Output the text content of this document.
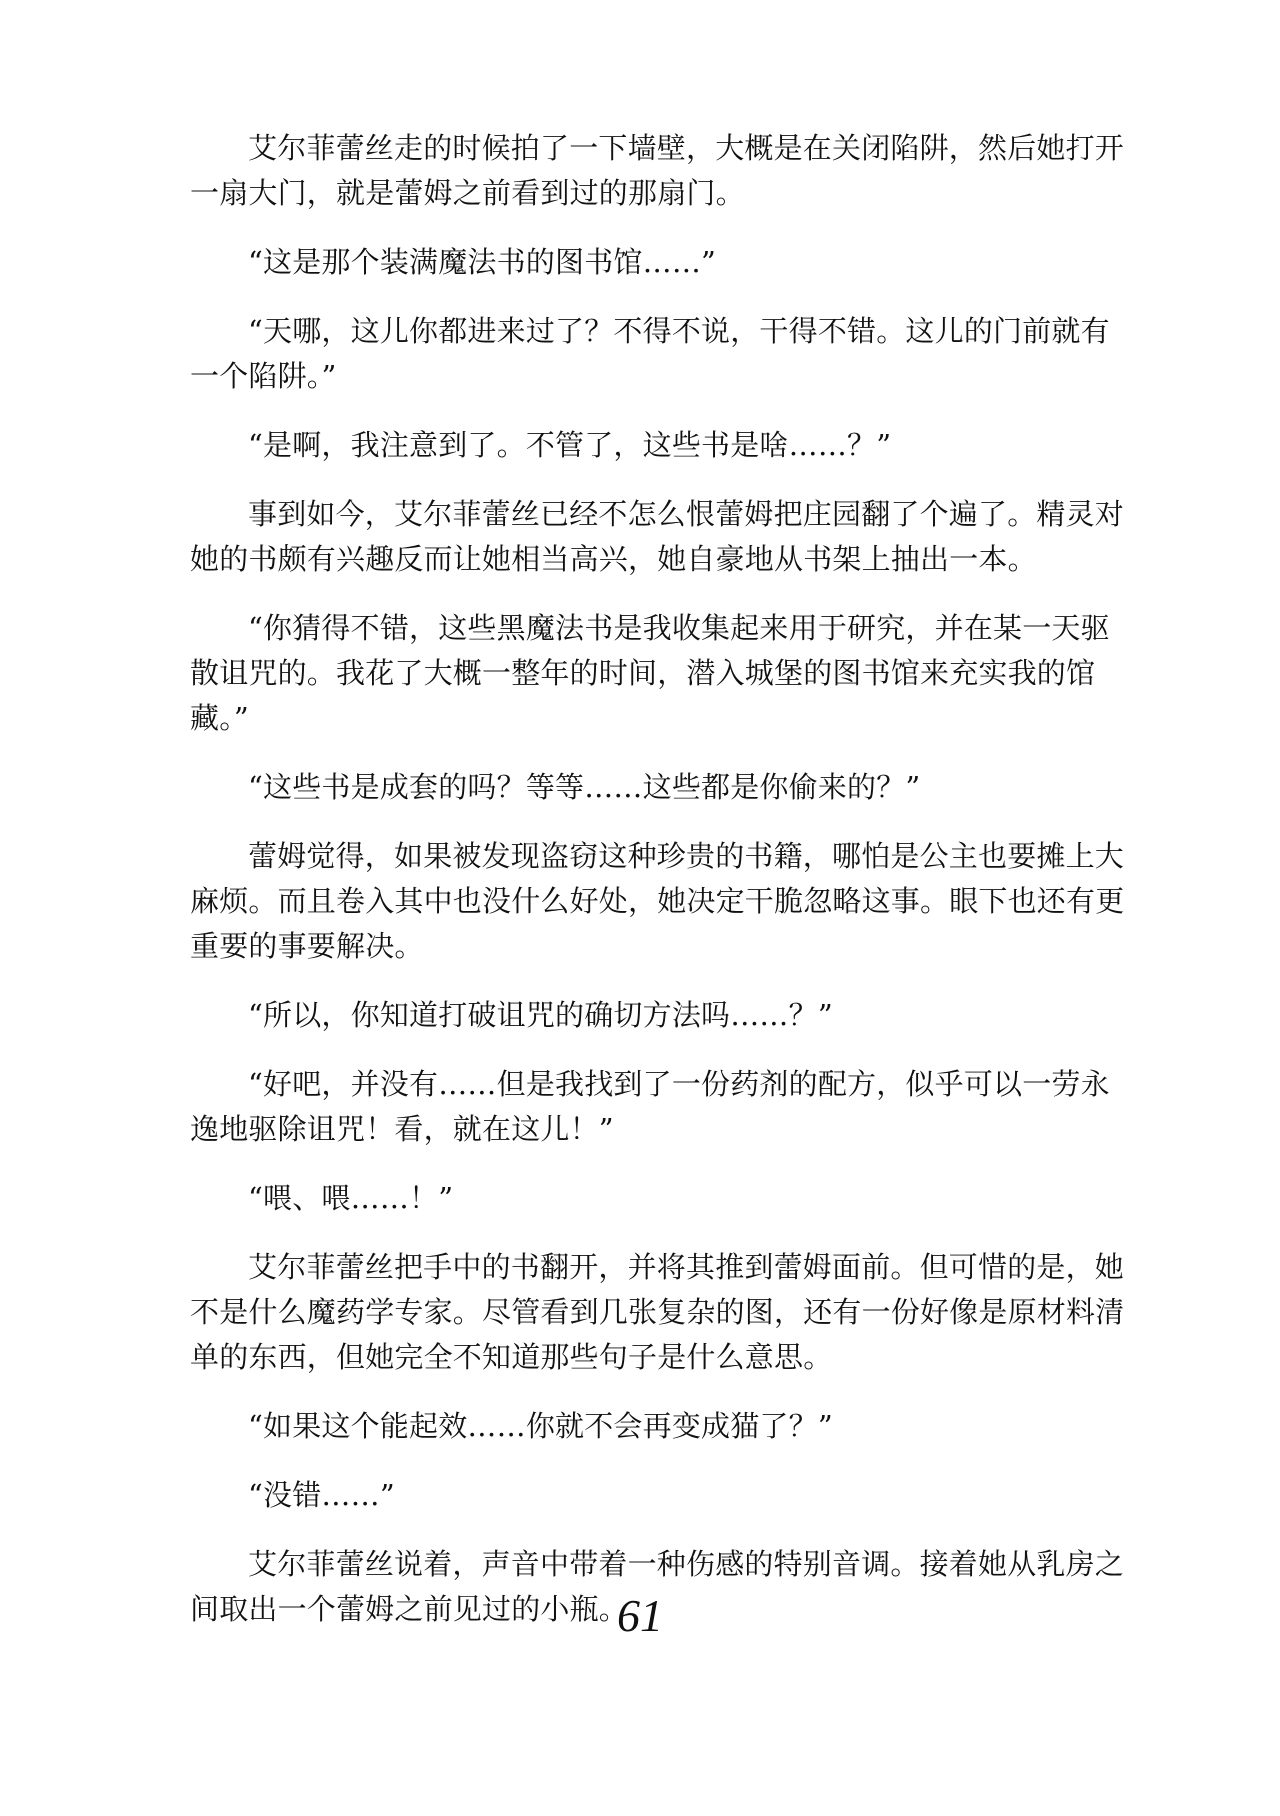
艾尔菲蕾丝走的时候拍了一下墙壁，大概是在关闭陷阱，然后她打开一扇大门，就是蕾姆之前看到过的那扇门。

“这是那个装满魔法书的图书馆……”

“天哪，这儿你都进来过了？不得不说，干得不错。这儿的门前就有一个陷阱。”

“是啊，我注意到了。不管了，这些书是啥……？”

事到如今，艾尔菲蕾丝已经不怎么恨蕾姆把庄园翻了个遍了。精灵对她的书颇有兴趣反而让她相当高兴，她自豪地从书架上抽出一本。

“你猜得不错，这些黑魔法书是我收集起来用于研究，并在某一天驱散诅咒的。我花了大概一整年的时间，潜入城堡的图书馆来充实我的馆藏。”

“这些书是成套的吗？等等……这些都是你偷来的？”

蕾姆觉得，如果被发现盗窃这种珍贵的书籍，哪怕是公主也要摊上大麻烦。而且卷入其中也没什么好处，她决定干脆忽略这事。眼下也还有更重要的事要解决。

“所以，你知道打破诅咒的确切方法吗……？”

“好吧，并没有……但是我找到了一份药剂的配方，似乎可以一劳永逸地驱除诅咒！看，就在这儿！”

“喂、喂……！”

艾尔菲蕾丝把手中的书翻开，并将其推到蕾姆面前。但可惜的是，她不是什么魔药学专家。尽管看到几张复杂的图，还有一份好像是原材料清单的东西，但她完全不知道那些句子是什么意思。

“如果这个能起效……你就不会再变成猫了？”

“没错……”

艾尔菲蕾丝说着，声音中带着一种伤感的特别音调。接着她从乳房之间取出一个蕾姆之前见过的小瓶。

61
